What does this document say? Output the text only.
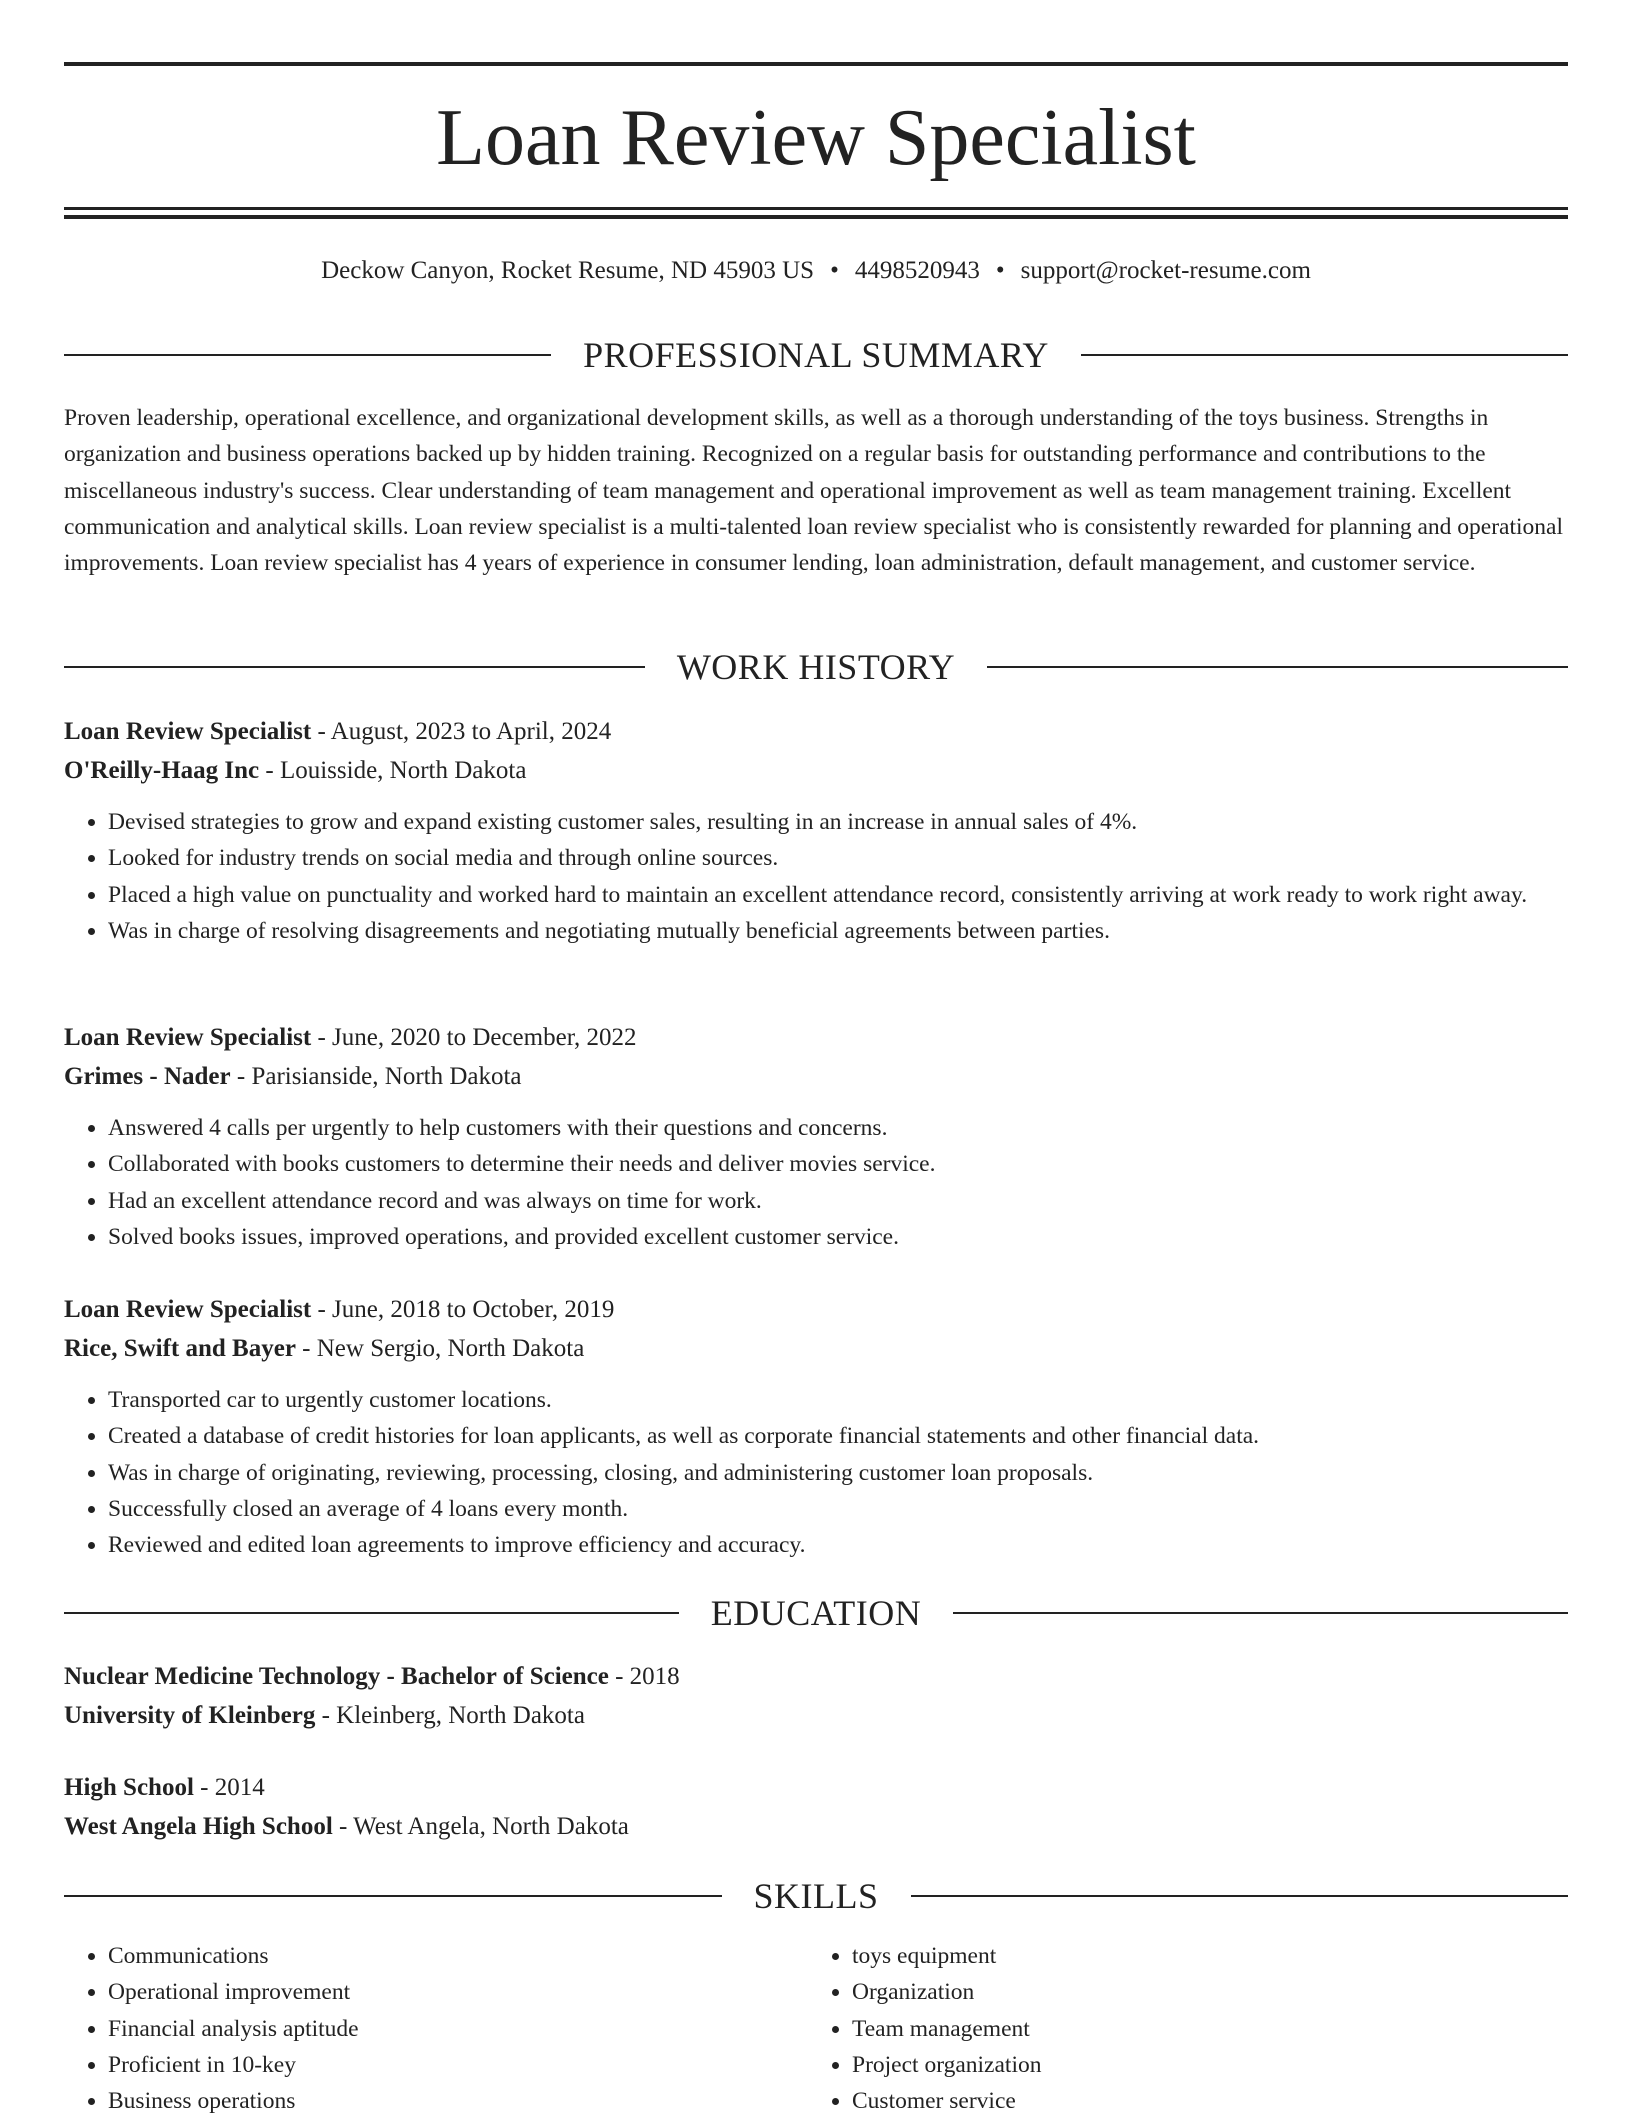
Loan Review Specialist
Deckow Canyon, Rocket Resume, ND 45903 US • 4498520943 • support@rocket-resume.com
PROFESSIONAL SUMMARY

Proven leadership, operational excellence, and organizational development skills, as well as a thorough understanding of the toys business. Strengths in organization and business operations backed up by hidden training. Recognized on a regular basis for outstanding performance and contributions to the miscellaneous industry's success. Clear understanding of team management and operational improvement as well as team management training. Excellent communication and analytical skills. Loan review specialist is a multi-talented loan review specialist who is consistently rewarded for planning and operational improvements. Loan review specialist has 4 years of experience in consumer lending, loan administration, default management, and customer service.

WORK HISTORY
Loan Review Specialist - August, 2023 to April, 2024
O'Reilly-Haag Inc - Louisside, North Dakota
• Devised strategies to grow and expand existing customer sales, resulting in an increase in annual sales of 4%.
• Looked for industry trends on social media and through online sources.
• Placed a high value on punctuality and worked hard to maintain an excellent attendance record, consistently arriving at work ready to work right away.
• Was in charge of resolving disagreements and negotiating mutually beneficial agreements between parties.
Loan Review Specialist - June, 2020 to December, 2022
Grimes - Nader - Parisianside, North Dakota
• Answered 4 calls per urgently to help customers with their questions and concerns.
• Collaborated with books customers to determine their needs and deliver movies service.
• Had an excellent attendance record and was always on time for work.
• Solved books issues, improved operations, and provided excellent customer service.
Loan Review Specialist - June, 2018 to October, 2019
Rice, Swift and Bayer - New Sergio, North Dakota
• Transported car to urgently customer locations.
• Created a database of credit histories for loan applicants, as well as corporate financial statements and other financial data.
• Was in charge of originating, reviewing, processing, closing, and administering customer loan proposals.
• Successfully closed an average of 4 loans every month.
• Reviewed and edited loan agreements to improve efficiency and accuracy.
EDUCATION
Nuclear Medicine Technology - Bachelor of Science - 2018
University of Kleinberg - Kleinberg, North Dakota
High School - 2014
West Angela High School - West Angela, North Dakota
SKILLS
• Communications
• Operational improvement
• Financial analysis aptitude
• Proficient in 10-key
• Business operations
• toys equipment
• Organization
• Team management
• Project organization
• Customer service
